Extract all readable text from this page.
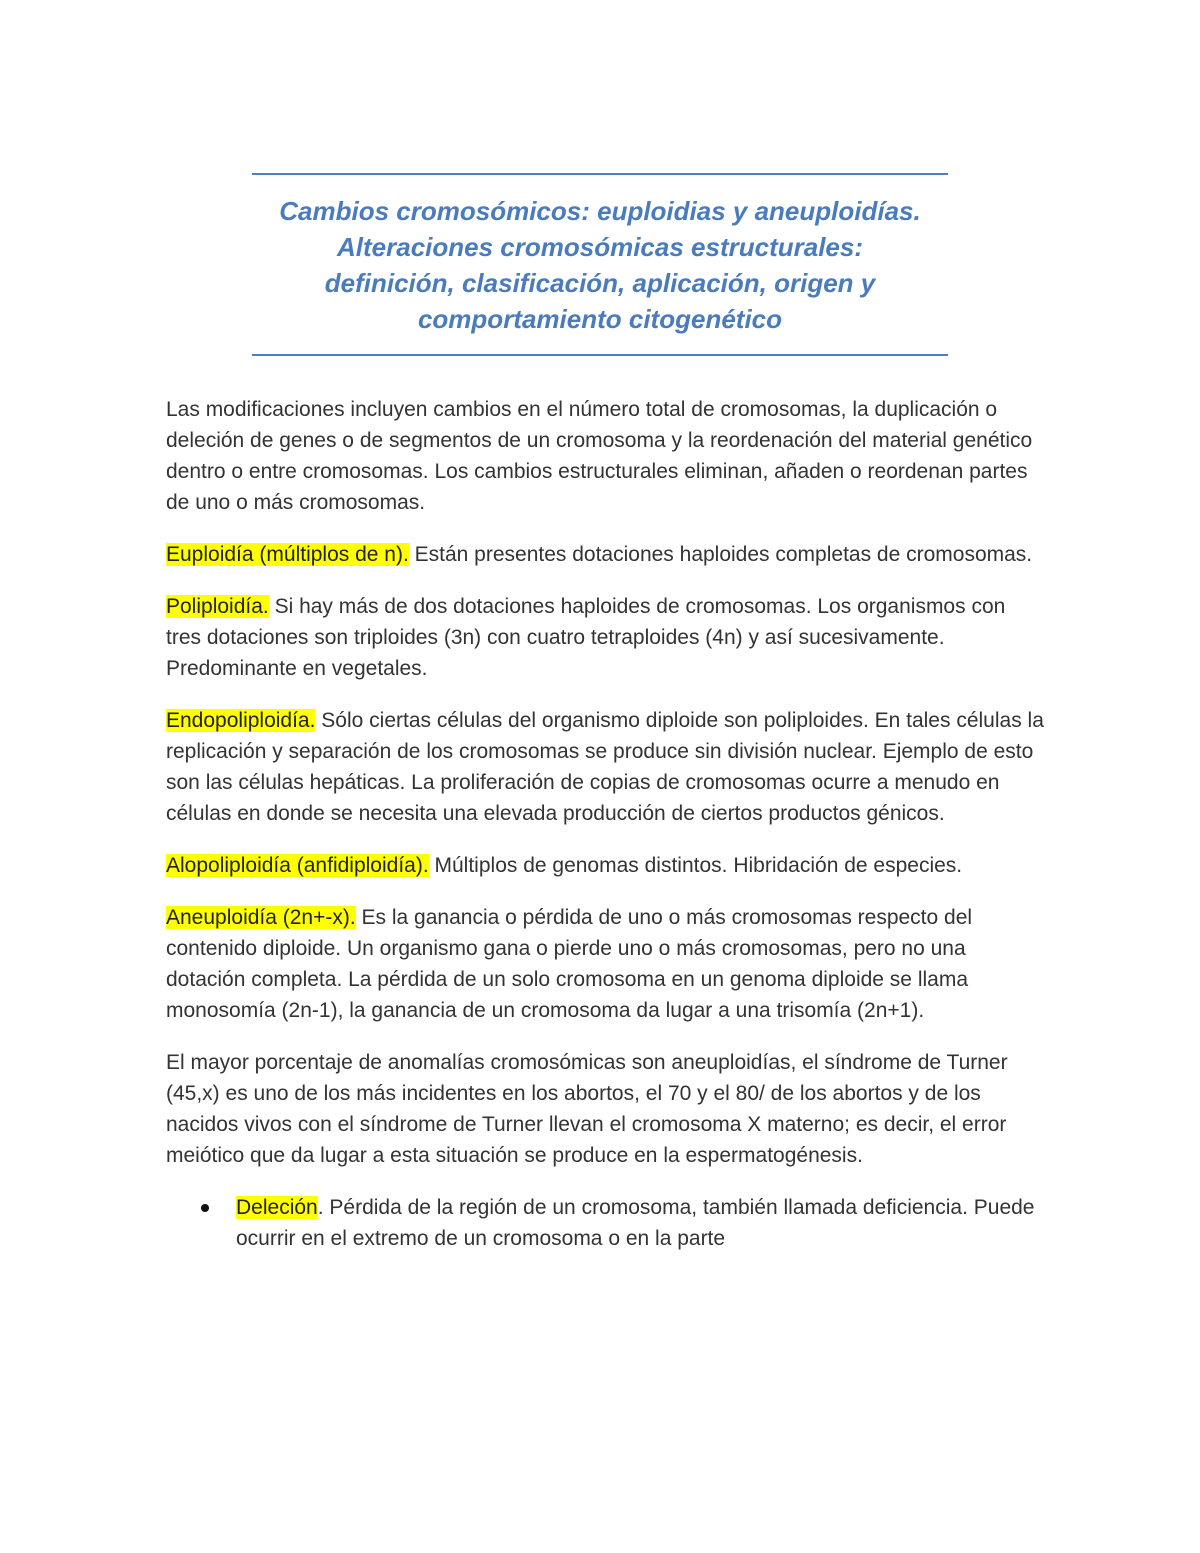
Cambios cromosómicos: euploidias y aneuploidías.
Alteraciones cromosómicas estructurales:
definición, clasificación, aplicación, origen y
comportamiento citogenético

Las modificaciones incluyen cambios en el número total de cromosomas, la duplicación o deleción de genes o de segmentos de un cromosoma y la reordenación del material genético dentro o entre cromosomas. Los cambios estructurales eliminan, añaden o reordenan partes de uno o más cromosomas.

Euploidía (múltiplos de n). Están presentes dotaciones haploides completas de cromosomas.

Poliploidía. Si hay más de dos dotaciones haploides de cromosomas. Los organismos con tres dotaciones son triploides (3n) con cuatro tetraploides (4n) y así sucesivamente. Predominante en vegetales.

Endopoliploidía. Sólo ciertas células del organismo diploide son poliploides. En tales células la replicación y separación de los cromosomas se produce sin división nuclear. Ejemplo de esto son las células hepáticas. La proliferación de copias de cromosomas ocurre a menudo en células en donde se necesita una elevada producción de ciertos productos génicos.

Alopoliploidía (anfidiploidía). Múltiplos de genomas distintos. Hibridación de especies.

Aneuploidía (2n+-x). Es la ganancia o pérdida de uno o más cromosomas respecto del contenido diploide. Un organismo gana o pierde uno o más cromosomas, pero no una dotación completa. La pérdida de un solo cromosoma en un genoma diploide se llama monosomía (2n-1), la ganancia de un cromosoma da lugar a una trisomía (2n+1).

El mayor porcentaje de anomalías cromosómicas son aneuploidías, el síndrome de Turner (45,x) es uno de los más incidentes en los abortos, el 70 y el 80/ de los abortos y de los nacidos vivos con el síndrome de Turner llevan el cromosoma X materno; es decir, el error meiótico que da lugar a esta situación se produce en la espermatogénesis.

Deleción. Pérdida de la región de un cromosoma, también llamada deficiencia. Puede ocurrir en el extremo de un cromosoma o en la parte
